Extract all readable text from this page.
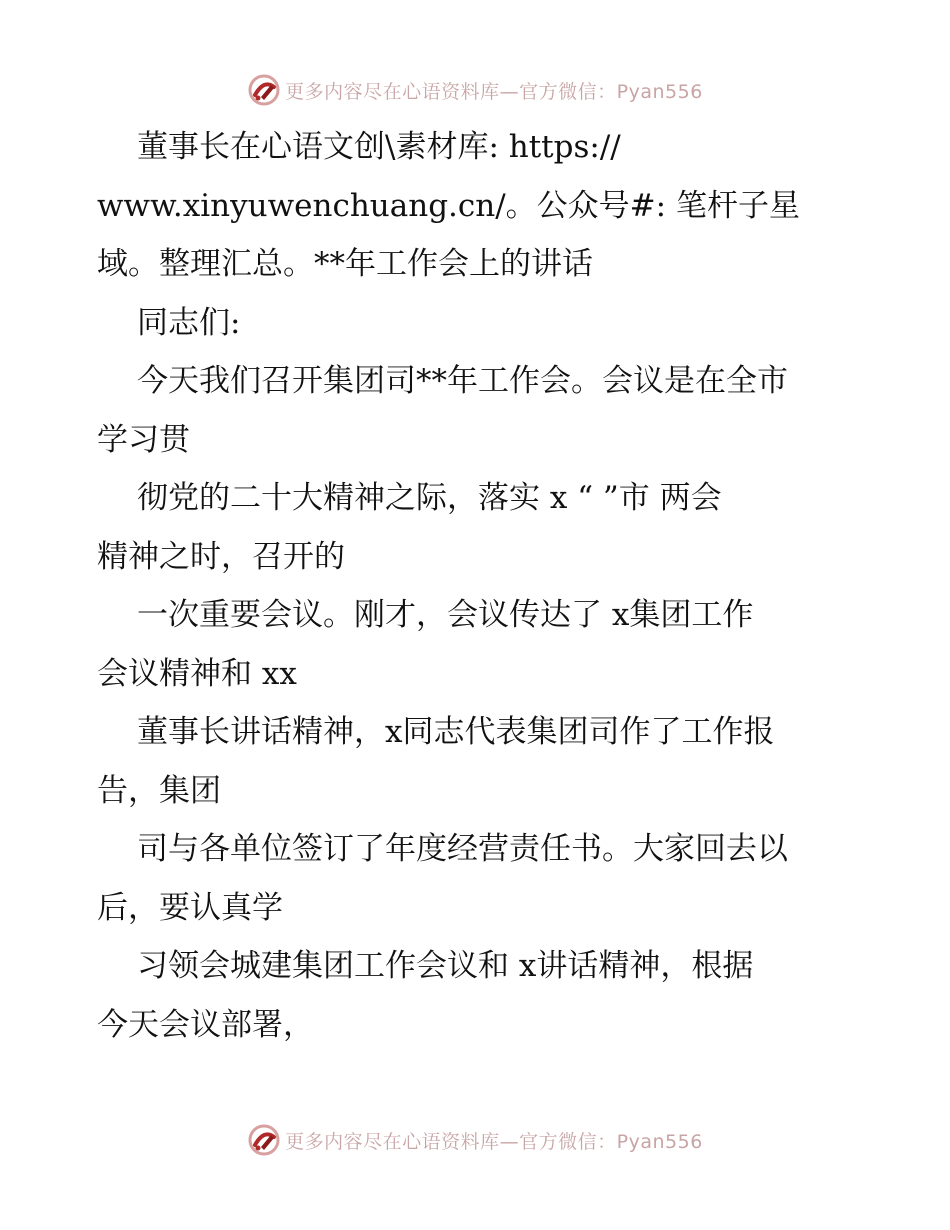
更多内容尽在心语资料库—官方微信：Pyan556
董事长在心语文创\素材库: https://
www.xinyuwenchuang.cn/。公众号#: 笔杆子星
域。整理汇总。**年工作会上的讲话
同志们:
今天我们召开集团司**年工作会。会议是在全市
学习贯
彻党的二十大精神之际，落实 x “ ”市 两会
精神之时，召开的
一次重要会议。刚才，会议传达了 x集团工作
会议精神和 xx
董事长讲话精神，x同志代表集团司作了工作报
告，集团
司与各单位签订了年度经营责任书。大家回去以
后，要认真学
习领会城建集团工作会议和 x讲话精神，根据
今天会议部署，
更多内容尽在心语资料库—官方微信：Pyan556
